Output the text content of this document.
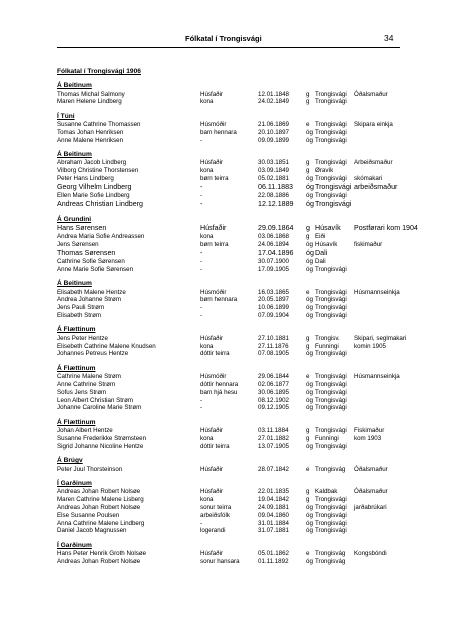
Fólkatal í Trongisvági	34
Fólkatal í Trongisvági 1906
Á Beitinum
Thomas Michal Salmony	Húsfaðir	12.01.1848	g Trongisvági Óðalsmaður
Maren Helene Lindberg	kona	24.02.1849	g Trongisvági
Í Túni
Susanne Cathrine Thomassen	Húsmóðir	21.06.1869	e Trongisvági Skipara einkja
Tomas Johan Henriksen	barn hennara	20.10.1897	óg Trongisvági
Anne Malene Henriksen	-	09.09.1899	óg Trongisvági
Á Beitinum
Abraham Jacob Lindberg	Húsfaðir	30.03.1851	g Trongisvági Arbeiðsmaður
Vilborg Christine Thorstensen	kona	03.09.1849	g Øravík
Peter Hans Lindberg	børn teirra	05.02.1881	óg Trongisvági skómakari
Georg Vilhelm Lindberg	-	06.11.1883 óg Trongisvági arbeiðsmaður
Ellen Marie Sofie Lindberg	-	22.08.1886	óg Trongisvági
Andreas Christian Lindberg	-	12.12.1889 óg Trongisvági
Á Grundini
Hans Sørensen	Húsfaðir	29.09.1864 g Húsavík Postførari kom 1904
Andrea Maria Sofie Andreassen	kona	03.06.1868	g Eiði
Jens Sørensen	børn teirra	24.06.1894	óg Húsavík	fiskimaður
Thomas Sørensen	-	17.04.1896 óg Dali
Cathrine Sofie Sørensen	-	30.07.1900	óg Dali
Anne Marie Sofie Sørensen	-	17.09.1905	óg Trongisvági
Á Beitinum
Elisabeth Malene Hentze	Húsmóðir	16.03.1865	e Trongisvági Húsmannseinkja
Andrea Johanne Strøm	børn hennara	20.05.1897	óg Trongisvági
Jens Pauli Strøm	-	10.06.1899	óg Trongisvági
Elisabeth Strøm	-	07.09.1904	óg Trongisvági
Á Flættinum
Jens Peter Hentze	Húsfaðir	27.10.1881	g Trongisv. Skipari, seglmakari
Elisebeth Cathrine Malene Knudsen	kona	27.11.1876	g Funningi komin 1905
Johannes Petreus Hentze	dóttir teirra	07.08.1905	óg Trongisvági
Á Flættinum
Cathrine Malene Strøm	Húsmóðir	29.06.1844	e Trongisvági Húsmannseinkja
Anne Cathrine Strøm	dóttir hennara	02.06.1877	óg Trongisvági
Sofus Jens Strøm	barn hjá hesu	30.06.1895	óg Trongisvági
Leon Albert Christian Strøm	-	08.12.1902	óg Trongisvági
Johanne Caroline Marie Strøm	-	09.12.1905	óg Trongisvági
Á Flættinum
Johan Albert Hentze	Húsfaðir	03.11.1884	g Trongisvági Fiskimaður
Susanne Frederikke Strømsteen	kona	27.01.1882	g Funningi kom 1903
Sigrid Johanne Nicoline Hentze	dóttir teirra	13.07.1905	óg Trongisvági
Á Brúgv
Peter Juul Thorsteinson	Húsfaðir	28.07.1842	e Trongisvág Óðalsmaður
Í Garðinum
Andreas Johan Robert Nolsøe	Húsfaðir	22.01.1835	g Kaldbak	Óðalsmaður
Maren Cathrine Malene Lisberg	kona	19.04.1842	g Trongisvági
Andreas Johan Robert Nolsøe	sonur teirra	24.09.1881	óg Trongisvági jarðabrúkari
Else Susanne Poulsen	arbeiðsfólk	09.04.1860	óg Trongisvági
Anna Cathrine Malene Lindberg	-	31.01.1884	óg Trongisvági
Daniel Jacob Magnussen	logerandi	31.07.1881	óg Trongisvági
Í Garðinum
Hans Peter Henrik Groth Nolsøe	Húsfaðir	05.01.1862	e Trongisvág Kongsbóndi
Andreas Johan Robert Nolsøe	sonur hansara	01.11.1892	óg Trongisvág
